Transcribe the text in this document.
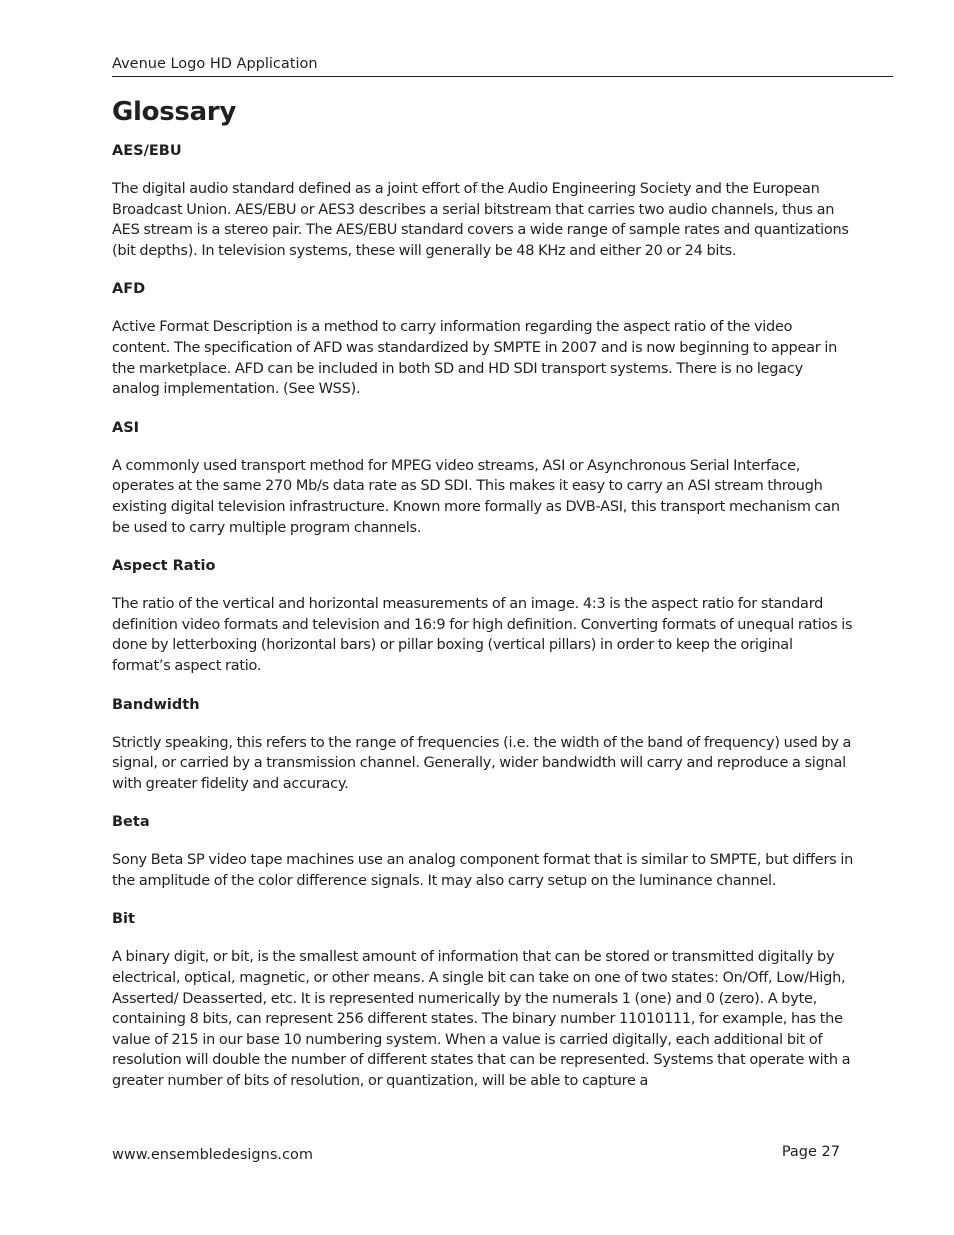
Avenue Logo HD Application
Glossary
AES/EBU
The digital audio standard defined as a joint effort of the Audio Engineering Society and the European Broadcast Union. AES/EBU or AES3 describes a serial bitstream that carries two audio channels, thus an AES stream is a stereo pair. The AES/EBU standard covers a wide range of sample rates and quantizations (bit depths). In television systems, these will generally be 48 KHz and either 20 or 24 bits.
AFD
Active Format Description is a method to carry information regarding the aspect ratio of the video content. The specification of AFD was standardized by SMPTE in 2007 and is now beginning to appear in the marketplace. AFD can be included in both SD and HD SDI transport systems. There is no legacy analog implementation. (See WSS).
ASI
A commonly used transport method for MPEG video streams, ASI or Asynchronous Serial Interface, operates at the same 270 Mb/s data rate as SD SDI. This makes it easy to carry an ASI stream through existing digital television infrastructure. Known more formally as DVB-ASI, this transport mechanism can be used to carry multiple program channels.
Aspect Ratio
The ratio of the vertical and horizontal measurements of an image. 4:3 is the aspect ratio for standard definition video formats and television and 16:9 for high definition. Converting formats of unequal ratios is done by letterboxing (horizontal bars) or pillar boxing (vertical pillars) in order to keep the original format’s aspect ratio.
Bandwidth
Strictly speaking, this refers to the range of frequencies (i.e. the width of the band of frequency) used by a signal, or carried by a transmission channel. Generally, wider bandwidth will carry and reproduce a signal with greater fidelity and accuracy.
Beta
Sony Beta SP video tape machines use an analog component format that is similar to SMPTE, but differs in the amplitude of the color difference signals. It may also carry setup on the luminance channel.
Bit
A binary digit, or bit, is the smallest amount of information that can be stored or transmitted digitally by electrical, optical, magnetic, or other means. A single bit can take on one of two states: On/Off, Low/High, Asserted/ Deasserted, etc. It is represented numerically by the numerals 1 (one) and 0 (zero). A byte, containing 8 bits, can represent 256 different states. The binary number 11010111, for example, has the value of 215 in our base 10 numbering system. When a value is carried digitally, each additional bit of resolution will double the number of different states that can be represented. Systems that operate with a greater number of bits of resolution, or quantization, will be able to capture a
www.ensembledesigns.com	Page 27
